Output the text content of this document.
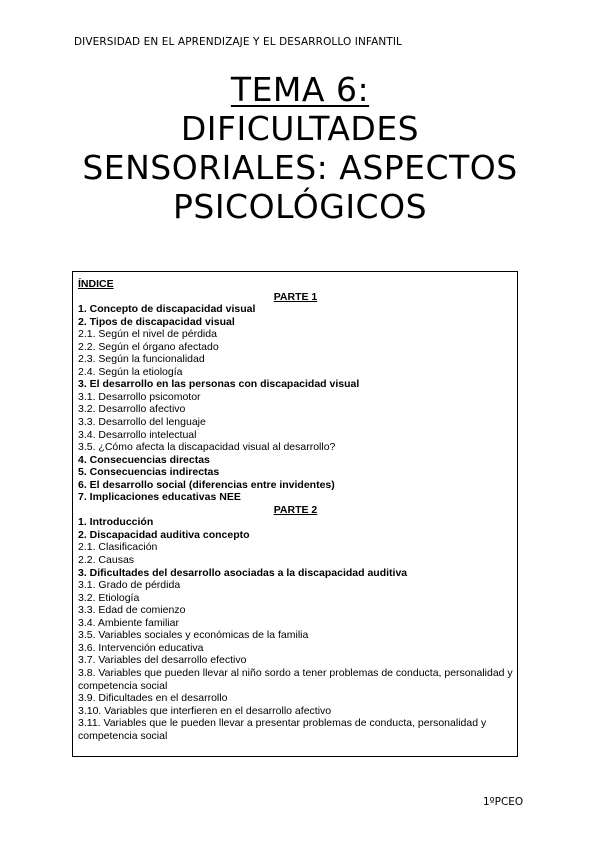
DIVERSIDAD EN EL APRENDIZAJE Y EL DESARROLLO INFANTIL
TEMA 6:
DIFICULTADES
SENSORIALES: ASPECTOS
PSICOLÓGICOS
ÍNDICE
PARTE 1
1. Concepto de discapacidad visual
2. Tipos de discapacidad visual
2.1. Según el nivel de pérdida
2.2. Según el órgano afectado
2.3. Según la funcionalidad
2.4. Según la etiología
3. El desarrollo en las personas con discapacidad visual
3.1. Desarrollo psicomotor
3.2. Desarrollo afectivo
3.3. Desarrollo del lenguaje
3.4. Desarrollo intelectual
3.5. ¿Cómo afecta la discapacidad visual al desarrollo?
4. Consecuencias directas
5. Consecuencias indirectas
6. El desarrollo social (diferencias entre invidentes)
7. Implicaciones educativas NEE
PARTE 2
1. Introducción
2. Discapacidad auditiva concepto
2.1. Clasificación
2.2. Causas
3. Dificultades del desarrollo asociadas a la discapacidad auditiva
3.1. Grado de pérdida
3.2. Etiología
3.3. Edad de comienzo
3.4. Ambiente familiar
3.5. Variables sociales y económicas de la familia
3.6. Intervención educativa
3.7. Variables del desarrollo efectivo
3.8. Variables que pueden llevar al niño sordo a tener problemas de conducta, personalidad y competencia social
3.9. Dificultades en el desarrollo
3.10. Variables que interfieren en el desarrollo afectivo
3.11. Variables que le pueden llevar a presentar problemas de conducta, personalidad y competencia social
1ºPCEO
